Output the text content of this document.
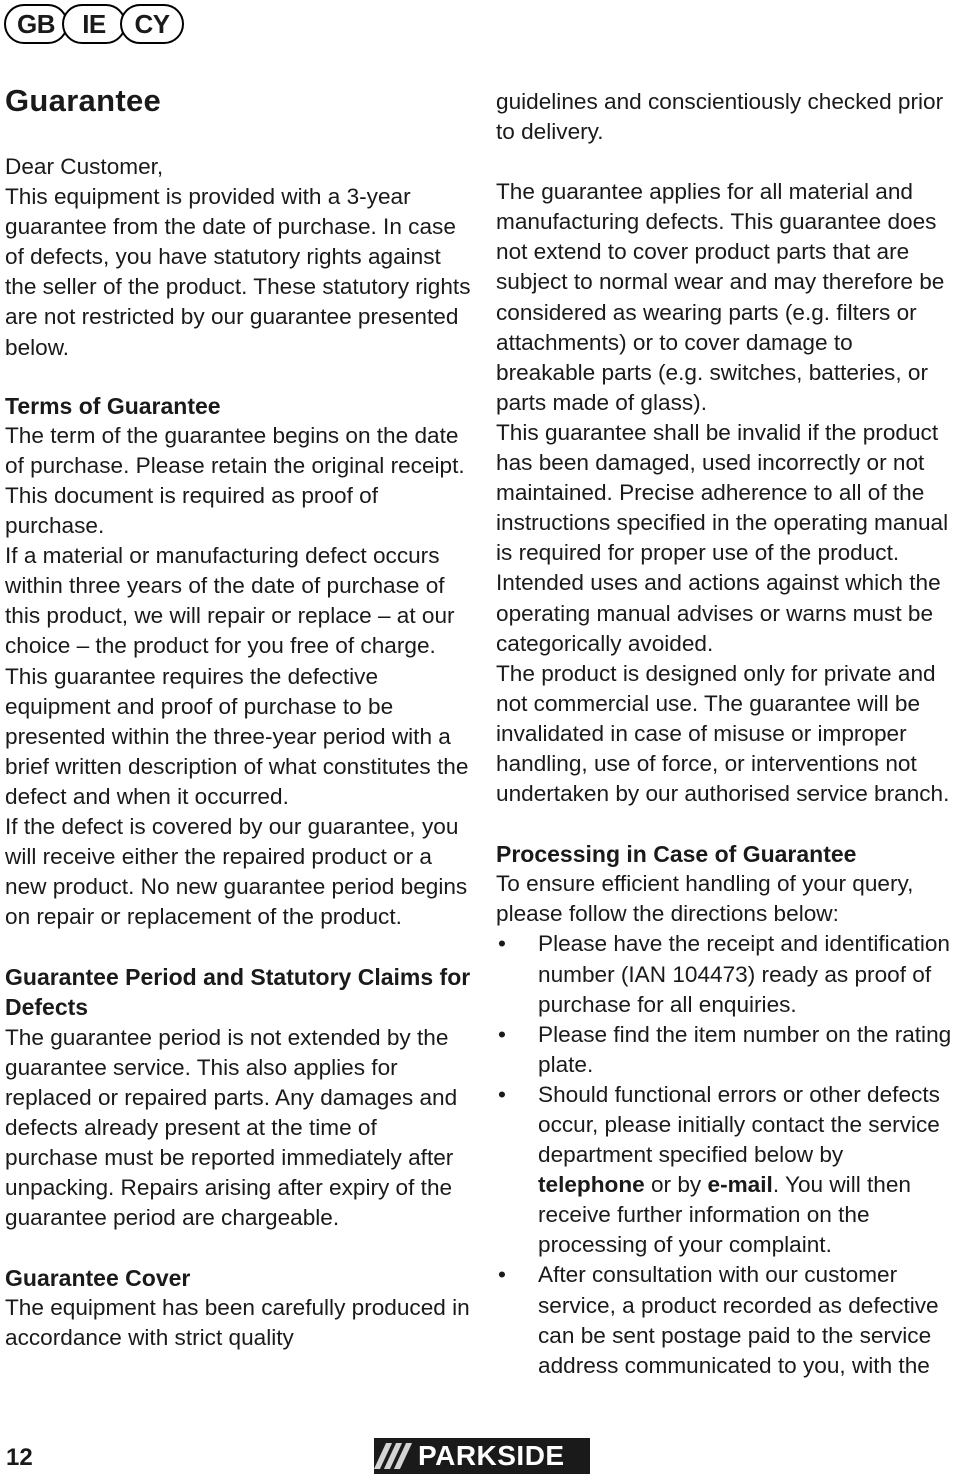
GB	IE	CY
Guarantee

Dear Customer,
This equipment is provided with a 3-year guarantee from the date of purchase. In case of defects, you have statutory rights against the seller of the product. These statutory rights are not restricted by our guarantee presented below.

Terms of Guarantee

The term of the guarantee begins on the date of purchase. Please retain the original receipt. This document is required as proof of purchase.

If a material or manufacturing defect occurs within three years of the date of purchase of this product, we will repair or replace – at our choice – the product for you free of charge. This guarantee requires the defective equipment and proof of purchase to be presented within the three-year period with a brief written description of what constitutes the defect and when it occurred.

If the defect is covered by our guarantee, you will receive either the repaired product or a new product. No new guarantee period begins on repair or replacement of the product.

Guarantee Period and Statutory Claims for Defects

The guarantee period is not extended by the guarantee service. This also applies for replaced or repaired parts. Any damages and defects already present at the time of purchase must be reported immediately after unpacking. Repairs arising after expiry of the guarantee period are chargeable.

Guarantee Cover

The equipment has been carefully produced in accordance with strict quality

guidelines and conscientiously checked prior to delivery.

The guarantee applies for all material and manufacturing defects. This guarantee does not extend to cover product parts that are subject to normal wear and may therefore be considered as wearing parts (e.g. filters or attachments) or to cover damage to breakable parts (e.g. switches, batteries, or parts made of glass).

This guarantee shall be invalid if the product has been damaged, used incorrectly or not maintained. Precise adherence to all of the instructions specified in the operating manual is required for proper use of the product. Intended uses and actions against which the operating manual advises or warns must be categorically avoided.

The product is designed only for private and not commercial use. The guarantee will be invalidated in case of misuse or improper handling, use of force, or interventions not undertaken by our authorised service branch.

Processing in Case of Guarantee

To ensure efficient handling of your query, please follow the directions below:

• Please have the receipt and identification number (IAN 104473) ready as proof of purchase for all enquiries.
• Please find the item number on the rating plate.
• Should functional errors or other defects occur, please initially contact the service department specified below by telephone or by e-mail. You will then receive further information on the processing of your complaint.
• After consultation with our customer service, a product recorded as defective can be sent postage paid to the service address communicated to you, with the
12	PARKSIDE
